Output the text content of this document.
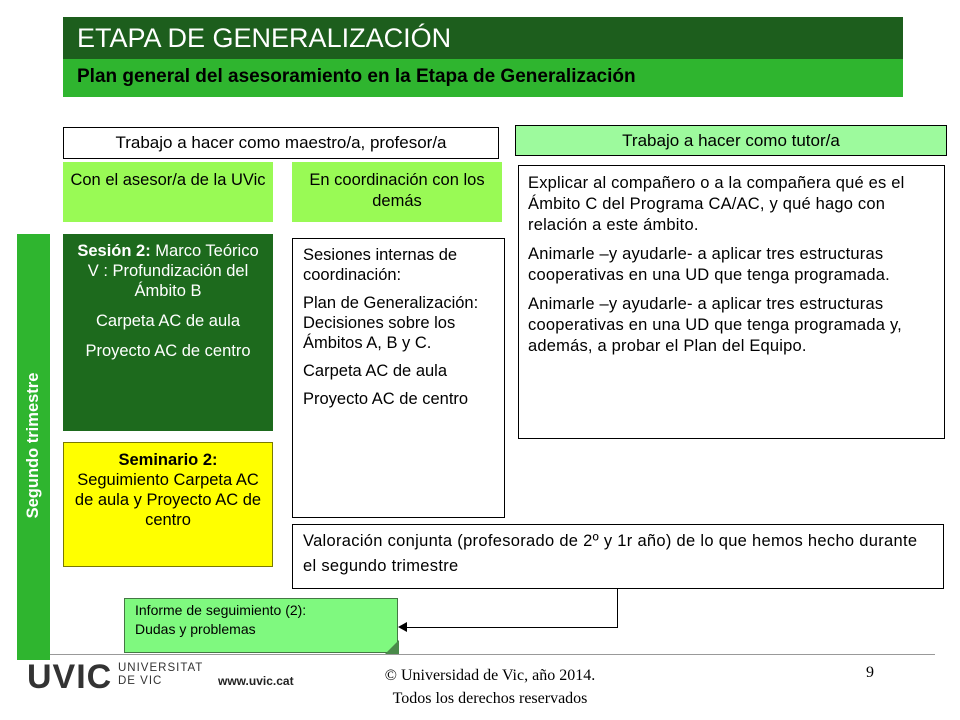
ETAPA DE GENERALIZACIÓN
Plan general del asesoramiento en la Etapa de Generalización
Trabajo a hacer como maestro/a, profesor/a	Trabajo a hacer como tutor/a
Con el asesor/a de la UVic	En coordinación con los demás
Segundo trimestre

Sesión 2: Marco Teórico V : Profundización del Ámbito B

Carpeta AC de aula

Proyecto AC de centro

Seminario 2:
Seguimiento Carpeta AC de aula y Proyecto AC de centro

Sesiones internas de coordinación:

Plan de Generalización: Decisiones sobre los Ámbitos A, B y C.

Carpeta AC de aula

Proyecto AC de centro

Explicar al compañero o a la compañera qué es el Ámbito C del Programa CA/AC, y qué hago con relación a este ámbito.

Animarle –y ayudarle- a aplicar tres estructuras cooperativas en una UD que tenga programada.

Animarle –y ayudarle- a aplicar tres estructuras cooperativas en una UD que tenga programada y, además, a probar el Plan del Equipo.

Valoración conjunta (profesorado de 2º y 1r año) de lo que hemos hecho durante el segundo trimestre
Informe de seguimiento (2):
Dudas y problemas
UVIC UNIVERSITAT
DE VIC	www.uvic.cat	© Universidad de Vic, año 2014.
Todos los derechos reservados
9
